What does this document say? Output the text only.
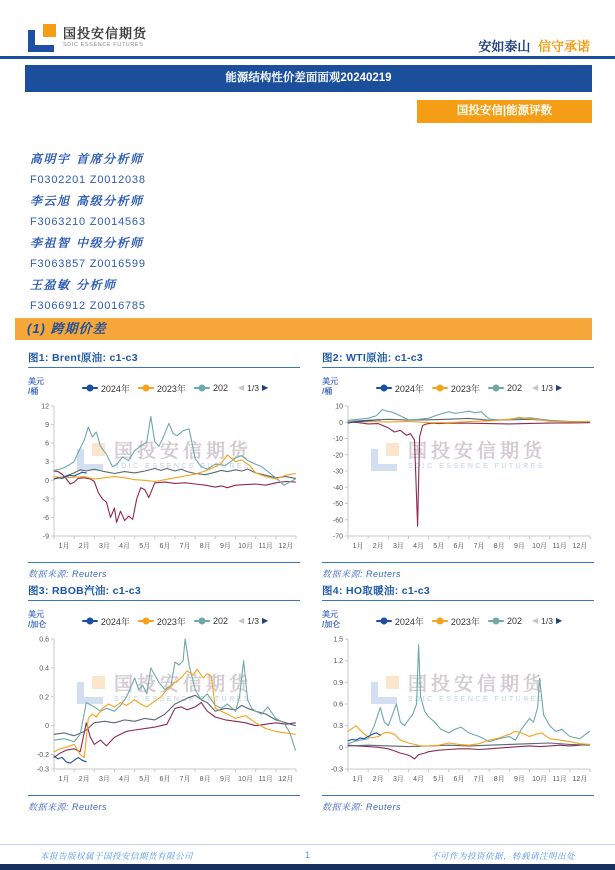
国投安信期货
SDIC ESSENCE FUTURES	安如泰山 信守承诺
能源结构性价差面面观20240219
国投安信|能源评数
高明宇 首席分析师
F0302201 Z0012038
李云旭 高级分析师
F3063210 Z0014563
李祖智 中级分析师
F3063857 Z0016599
王盈敏 分析师
F3066912 Z0016785
(1) 跨期价差
图1: Brent原油: c1-c3
美元
/桶	2024年	2023年	202 ◀ 1/3 ▶
国投安信期货
SDIC ESSENCE FUTURES
12
9
6
3
0
-3
-6
-9
1月 2月 3月 4月 5月 6月 7月 8月 9月 10月 11月 12月
数据来源: Reuters
图2: WTI原油: c1-c3
美元
/桶	2024年	2023年	202 ◀ 1/3 ▶
国投安信期货
SDIC ESSENCE FUTURES
10
0
-10
-20
-30
-40
-50
-60
-70
1月 2月 3月 4月 5月 6月 7月 8月 9月 10月 11月 12月
数据来源: Reuters
图3: RBOB汽油: c1-c3
美元
/加仑	2024年	2023年	202 ◀ 1/3 ▶
国投安信期货
SDIC ESSENCE FUTURES
0.6
0.4
0.2
0
-0.2
-0.3
1月 2月 3月 4月 5月 6月 7月 8月 9月 10月 11月 12月
数据来源: Reuters
图4: HO取暖油: c1-c3
美元
/加仑	2024年	2023年	202 ◀ 1/3 ▶
国投安信期货
SDIC ESSENCE FUTURES
1.5
1.2
0.9
0.6
0.3
0
-0.3
1月 2月 3月 4月 5月 6月 7月 8月 9月 10月 11月 12月
数据来源: Reuters
本报告版权属于国投安信期货有限公司	1	不可作为投资依据，转载请注明出处
